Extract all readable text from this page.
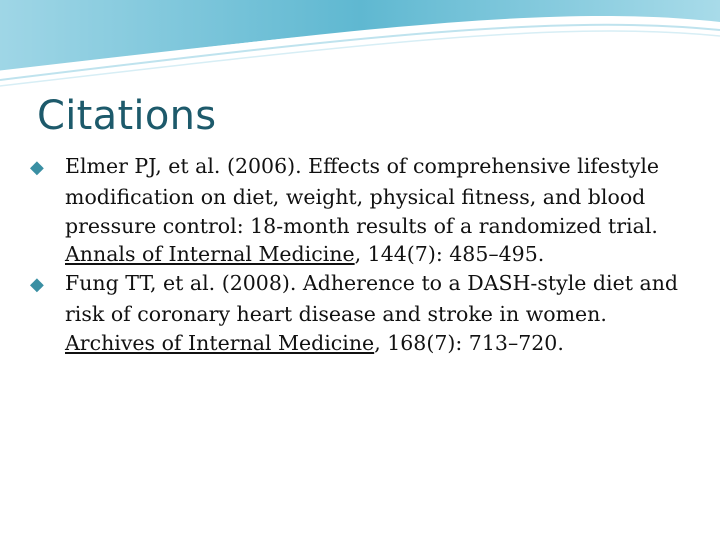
Citations
◆ Elmer PJ, et al. (2006). Effects of comprehensive lifestyle modification on diet, weight, physical fitness, and blood pressure control: 18-month results of a randomized trial. Annals of Internal Medicine, 144(7): 485–495.
◆ Fung TT, et al. (2008). Adherence to a DASH-style diet and risk of coronary heart disease and stroke in women. Archives of Internal Medicine, 168(7): 713–720.
